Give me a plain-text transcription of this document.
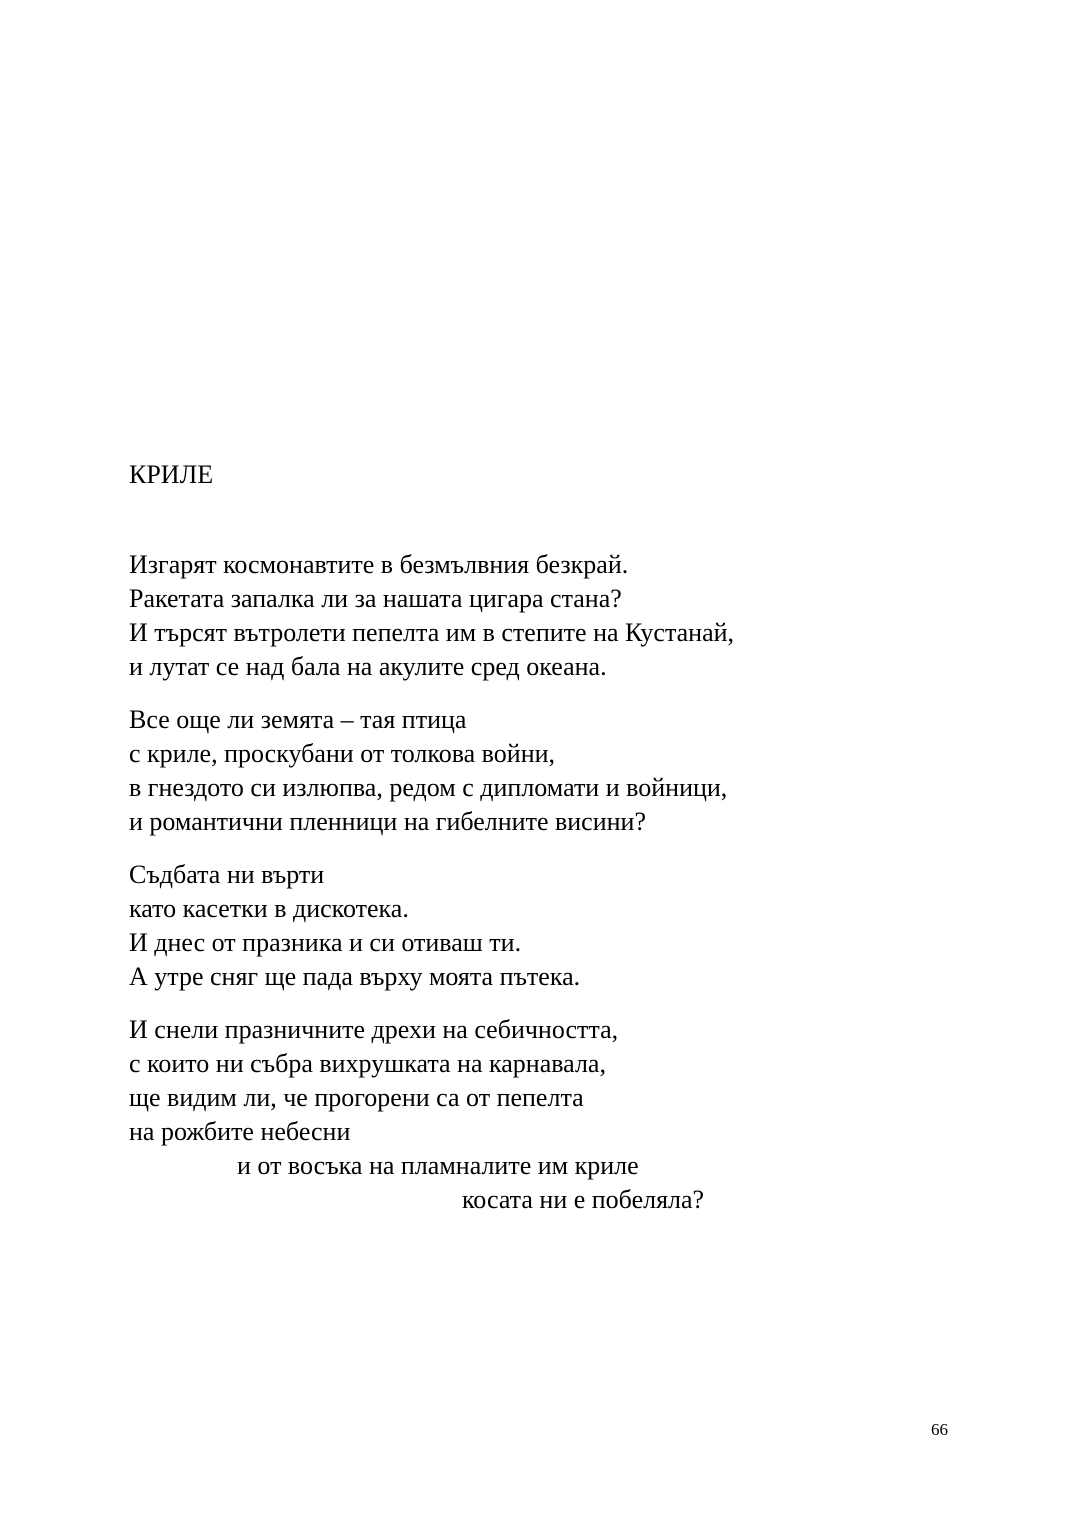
КРИЛЕ

Изгарят космонавтите в безмълвния безкрай.
Ракетата запалка ли за нашата цигара стана?
И търсят вътролети пепелта им в степите на Кустанай,
и лутат се над бала на акулите сред океана.

Все още ли земята – тая птица
с криле, проскубани от толкова войни,
в гнездото си излюпва, редом с дипломати и войници,
и романтични пленници на гибелните висини?

Съдбата ни върти
като касетки в дискотека.
И днес от празника и си отиваш ти.
А утре сняг ще пада върху моята пътека.

И снели празничните дрехи на себичността,
с които ни събра вихрушката на карнавала,
ще видим ли, че прогорени са от пепелта
на рожбите небесни
и от восъка на пламналите им криле
косата ни е побеляла?

66
